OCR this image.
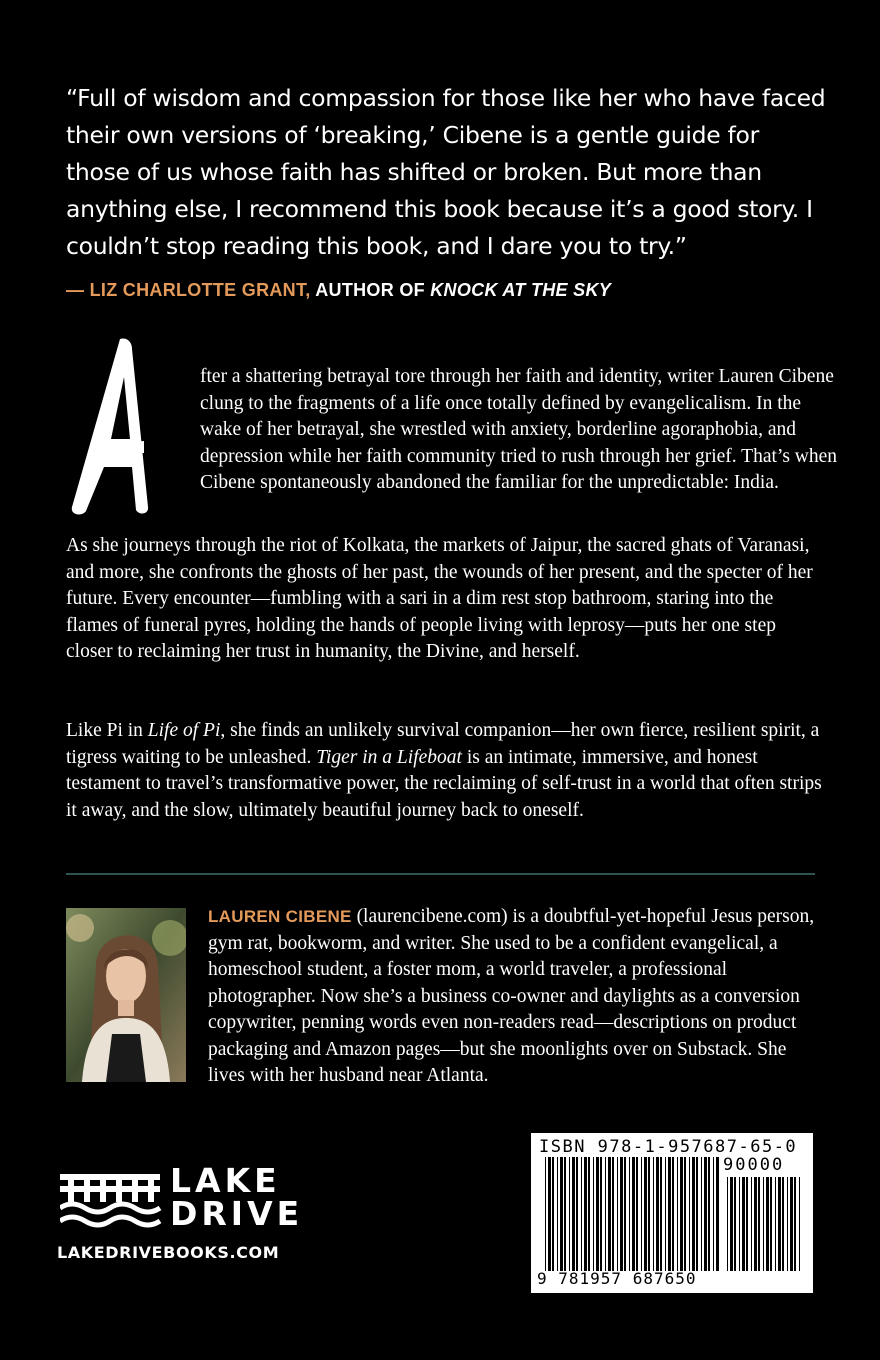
“Full of wisdom and compassion for those like her who have faced their own versions of ‘breaking,’ Cibene is a gentle guide for those of us whose faith has shifted or broken. But more than anything else, I recommend this book because it’s a good story. I couldn’t stop reading this book, and I dare you to try.”
— LIZ CHARLOTTE GRANT, AUTHOR OF KNOCK AT THE SKY
fter a shattering betrayal tore through her faith and identity, writer Lauren Cibene clung to the fragments of a life once totally defined by evangelicalism. In the wake of her betrayal, she wrestled with anxiety, borderline agoraphobia, and depression while her faith community tried to rush through her grief. That’s when Cibene spontaneously abandoned the familiar for the unpredictable: India.
As she journeys through the riot of Kolkata, the markets of Jaipur, the sacred ghats of Varanasi, and more, she confronts the ghosts of her past, the wounds of her present, and the specter of her future. Every encounter—fumbling with a sari in a dim rest stop bathroom, staring into the flames of funeral pyres, holding the hands of people living with leprosy—puts her one step closer to reclaiming her trust in humanity, the Divine, and herself.
Like Pi in Life of Pi, she finds an unlikely survival companion—her own fierce, resilient spirit, a tigress waiting to be unleashed. Tiger in a Lifeboat is an intimate, immersive, and honest testament to travel’s transformative power, the reclaiming of self-trust in a world that often strips it away, and the slow, ultimately beautiful journey back to oneself.
LAUREN CIBENE (laurencibene.com) is a doubtful-yet-hopeful Jesus person, gym rat, bookworm, and writer. She used to be a confident evangelical, a homeschool student, a foster mom, a world traveler, a professional photographer. Now she’s a business co-owner and daylights as a conversion copywriter, penning words even non-readers read—descriptions on product packaging and Amazon pages—but she moonlights over on Substack. She lives with her husband near Atlanta.
LAKE
DRIVE
LAKEDRIVEBOOKS.COM
ISBN 978-1-957687-65-0
90000
9 781957 687650
